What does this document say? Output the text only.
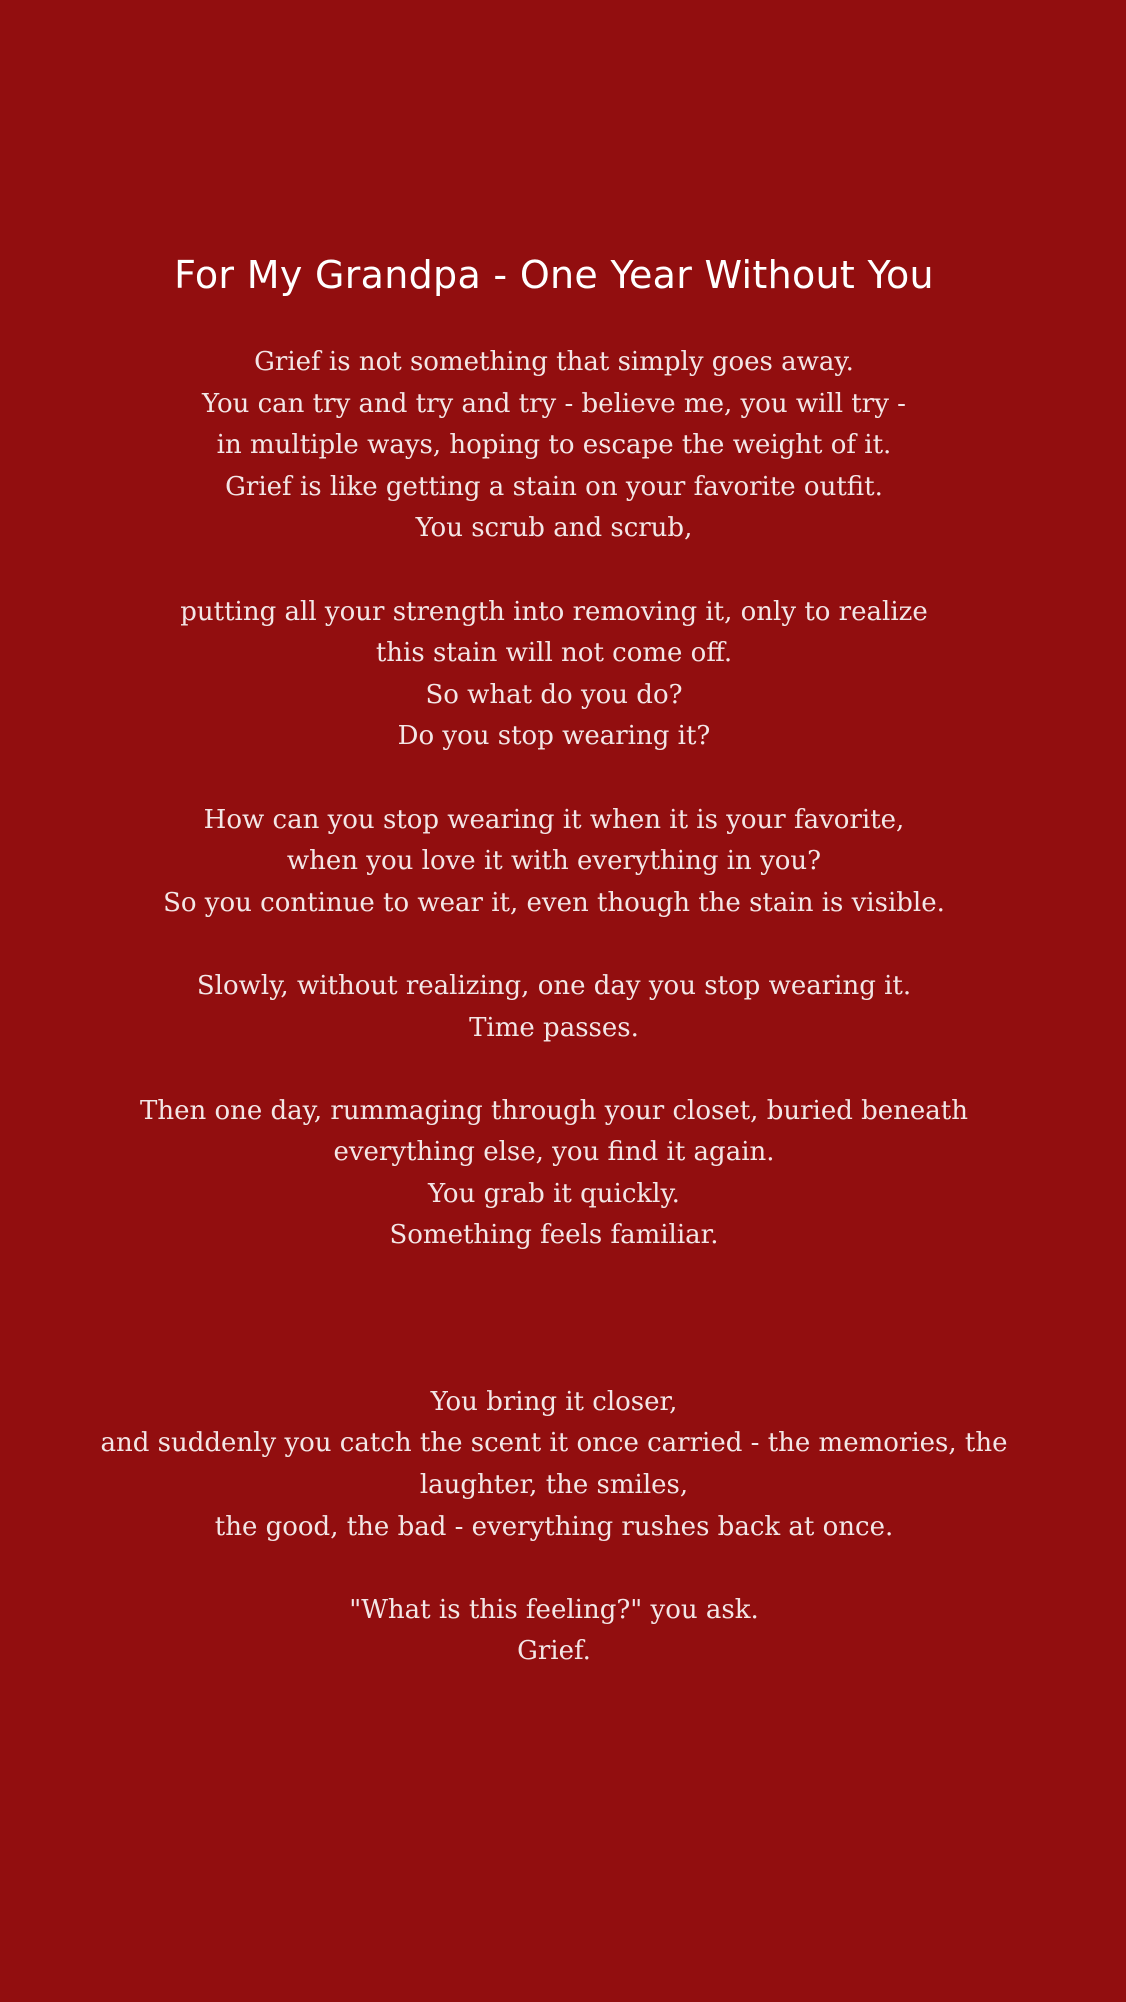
For My Grandpa - One Year Without You
Grief is not something that simply goes away.
You can try and try and try - believe me, you will try -
in multiple ways, hoping to escape the weight of it.
Grief is like getting a stain on your favorite outfit.
You scrub and scrub,
putting all your strength into removing it, only to realize
this stain will not come off.
So what do you do?
Do you stop wearing it?
How can you stop wearing it when it is your favorite,
when you love it with everything in you?
So you continue to wear it, even though the stain is visible.
Slowly, without realizing, one day you stop wearing it.
Time passes.
Then one day, rummaging through your closet, buried beneath
everything else, you find it again.
You grab it quickly.
Something feels familiar.
You bring it closer,
and suddenly you catch the scent it once carried - the memories, the
laughter, the smiles,
the good, the bad - everything rushes back at once.
"What is this feeling?" you ask.
Grief.
